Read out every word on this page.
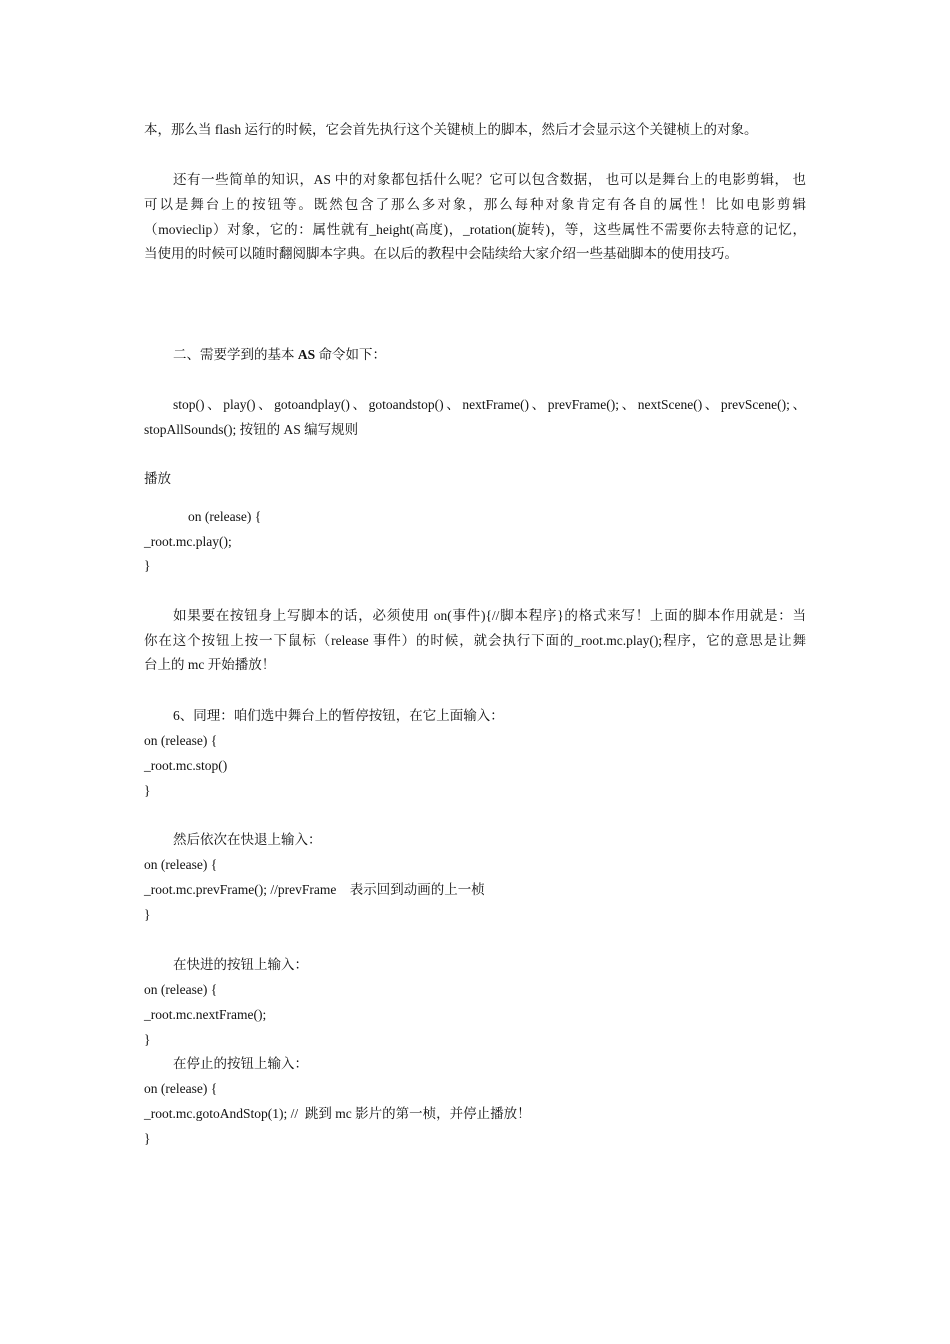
本，那么当 flash 运行的时候，它会首先执行这个关键桢上的脚本，然后才会显示这个关键桢上的对象。
还有一些简单的知识，AS 中的对象都包括什么呢？它可以包含数据， 也可以是舞台上的电影剪辑， 也
可以是舞台上的按钮等。既然包含了那么多对象，那么每种对象肯定有各自的属性！比如电影剪辑
（movieclip）对象，它的：属性就有_height(高度)，_rotation(旋转)，等，这些属性不需要你去特意的记忆，
当使用的时候可以随时翻阅脚本字典。在以后的教程中会陆续给大家介绍一些基础脚本的使用技巧。
二、需要学到的基本 AS 命令如下：
stop()、play()、gotoandplay()、gotoandstop()、nextFrame()、prevFrame();、nextScene()、prevScene();、
stopAllSounds(); 按钮的 AS 编写规则
播放
on (release) {
_root.mc.play();
}
如果要在按钮身上写脚本的话，必须使用 on(事件){//脚本程序}的格式来写！上面的脚本作用就是：当
你在这个按钮上按一下鼠标（release 事件）的时候，就会执行下面的_root.mc.play();程序，它的意思是让舞
台上的 mc 开始播放！
6、同理：咱们选中舞台上的暂停按钮，在它上面输入：
on (release) {
_root.mc.stop()
}
然后依次在快退上输入：
on (release) {
_root.mc.prevFrame(); //prevFrame    表示回到动画的上一桢
}
在快进的按钮上输入：
on (release) {
_root.mc.nextFrame();
}
在停止的按钮上输入：
on (release) {
_root.mc.gotoAndStop(1); //  跳到 mc 影片的第一桢，并停止播放！
}
